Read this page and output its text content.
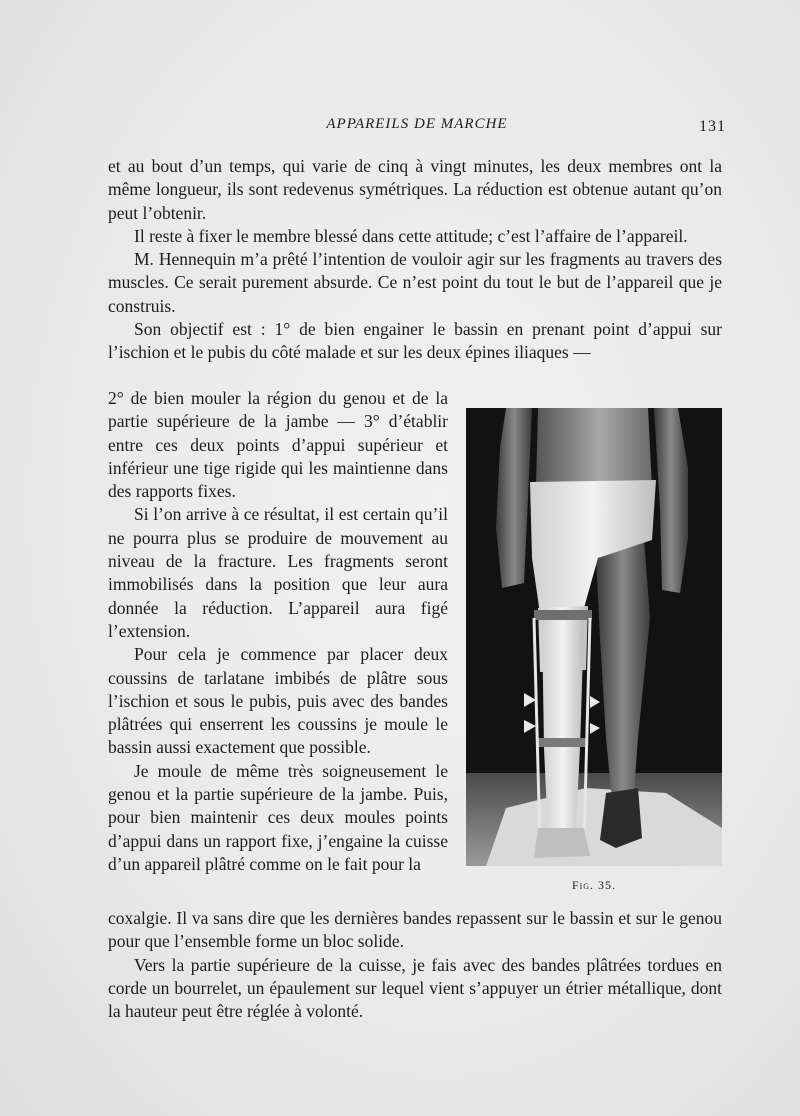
APPAREILS DE MARCHE	131

et au bout d’un temps, qui varie de cinq à vingt minutes, les deux membres ont la même longueur, ils sont redevenus symétriques. La réduction est obtenue autant qu’on peut l’obtenir.

Il reste à fixer le membre blessé dans cette attitude; c’est l’affaire de l’appareil.

M. Hennequin m’a prêté l’intention de vouloir agir sur les fragments au travers des muscles. Ce serait purement absurde. Ce n’est point du tout le but de l’appareil que je construis.

Son objectif est : 1° de bien engainer le bassin en prenant point d’appui sur l’ischion et le pubis du côté malade et sur les deux épines iliaques —

2° de bien mouler la région du genou et de la partie supérieure de la jambe — 3° d’établir entre ces deux points d’appui supérieur et inférieur une tige rigide qui les maintienne dans des rapports fixes.

Si l’on arrive à ce résultat, il est certain qu’il ne pourra plus se produire de mouvement au niveau de la fracture. Les fragments seront immobilisés dans la position que leur aura donnée la réduction. L’appareil aura figé l’extension.

Pour cela je commence par placer deux coussins de tarlatane imbibés de plâtre sous l’ischion et sous le pubis, puis avec des bandes plâtrées qui enserrent les coussins je moule le bassin aussi exactement que possible.

Je moule de même très soigneusement le genou et la partie supérieure de la jambe. Puis, pour bien maintenir ces deux moules points d’appui dans un rapport fixe, j’engaine la cuisse d’un appareil plâtré comme on le fait pour la

coxalgie. Il va sans dire que les dernières bandes repassent sur le bassin et sur le genou pour que l’ensemble forme un bloc solide.

Vers la partie supérieure de la cuisse, je fais avec des bandes plâtrées tordues en corde un bourrelet, un épaulement sur lequel vient s’appuyer un étrier métallique, dont la hauteur peut être réglée à volonté.

Fig. 35.
